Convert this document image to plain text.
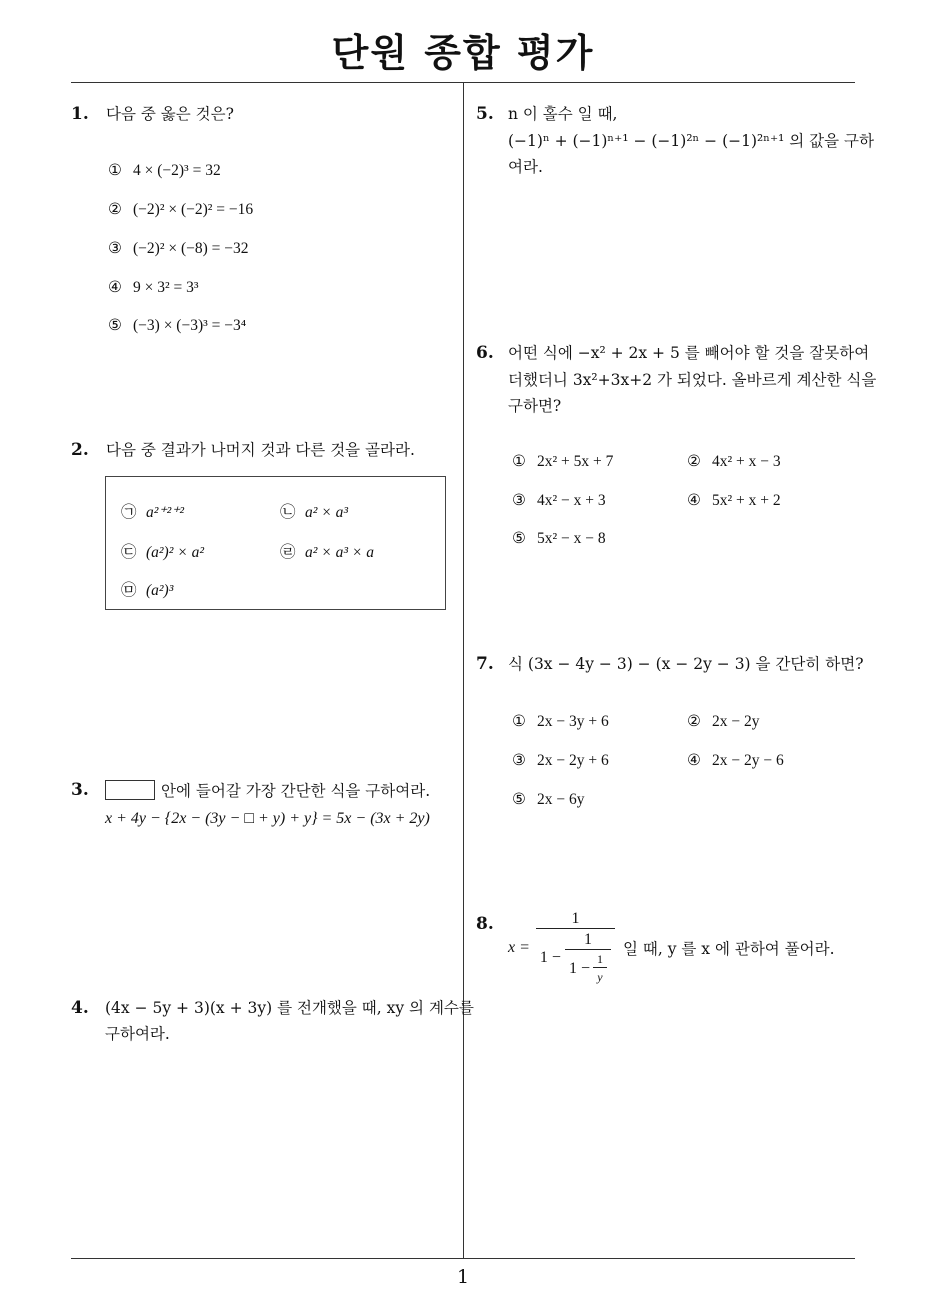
단원 종합 평가
1
1. 다음 중 옳은 것은?
① 4 × (−2)³ = 32
② (−2)² × (−2)² = −16
③ (−2)² × (−8) = −32
④ 9 × 3² = 3³
⑤ (−3) × (−3)³ = −3⁴
2. 다음 중 결과가 나머지 것과 다른 것을 골라라.
㉠ a²⁺²⁺²	㉡ a² × a³
㉢ (a²)² × a²	㉣ a² × a³ × a
㉤ (a²)³
3.	안에 들어갈 가장 간단한 식을 구하여라.
x + 4y − {2x − (3y − □ + y) + y} = 5x − (3x + 2y)
4. (4x − 5y + 3)(x + 3y) 를 전개했을 때, xy 의 계수를
구하여라.
5. n 이 홀수 일 때,
(−1)ⁿ + (−1)ⁿ⁺¹ − (−1)²ⁿ − (−1)²ⁿ⁺¹ 의 값을 구하
여라.
6. 어떤 식에 −x² + 2x + 5 를 빼어야 할 것을 잘못하여
더했더니 3x²+3x+2 가 되었다. 올바르게 계산한 식을
구하면?
① 2x² + 5x + 7	② 4x² + x − 3
③ 4x² − x + 3	④ 5x² + x + 2
⑤ 5x² − x − 8
7. 식 (3x − 4y − 3) − (x − 2y − 3) 을 간단히 하면?
① 2x − 3y + 6	② 2x − 2y
③ 2x − 2y + 6	④ 2x − 2y − 6
⑤ 2x − 6y
8.
x =
1
$1 - \frac{1}{1 - \frac{1}{y}}$ 일 때, y 를 x 에 관하여 풀어라.
